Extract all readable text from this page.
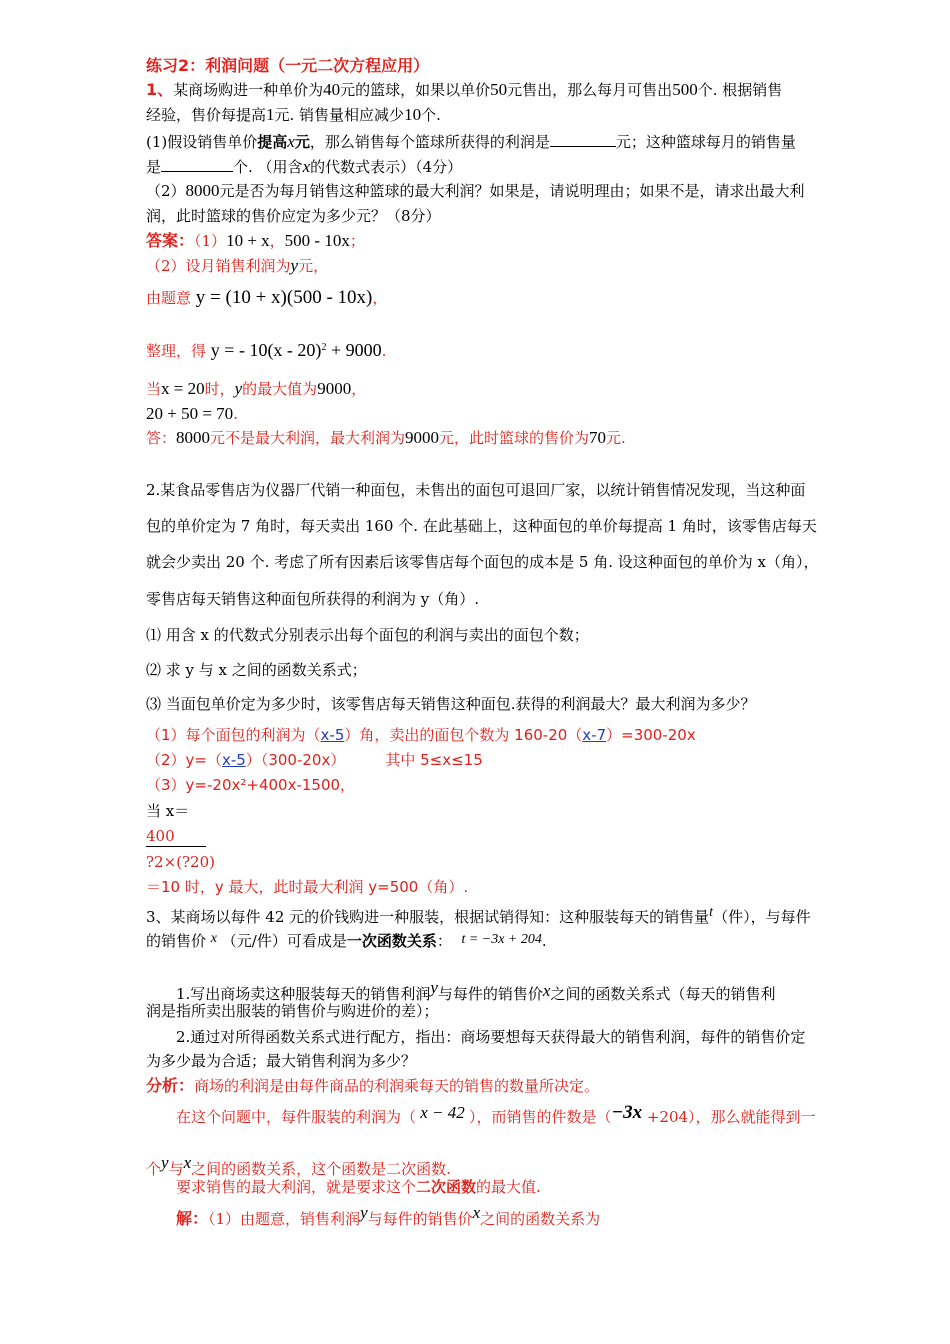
练习2：利润问题（一元二次方程应用）
1、某商场购进一种单价为40元的篮球，如果以单价50元售出，那么每月可售出500个. 根据销售
经验，售价每提高1元. 销售量相应减少10个.
(1)假设销售单价提高x元，那么销售每个篮球所获得的利润是	元；这种篮球每月的销售量
是	个. （用含x的代数式表示）（4分）
（2）8000元是否为每月销售这种篮球的最大利润？如果是，请说明理由；如果不是，请求出最大利
润，此时篮球的售价应定为多少元？（8分）
答案：（1）10 + x，500 - 10x；
（2）设月销售利润为y元，
由题意 y = (10 + x)(500 - 10x)，
整理，得 y = - 10(x - 20)$^2$ + 9000.
当x = 20时，y的最大值为9000，
20 + 50 = 70.
答：8000元不是最大利润，最大利润为9000元，此时篮球的售价为70元.
2.某食品零售店为仪器厂代销一种面包，未售出的面包可退回厂家，以统计销售情况发现，当这种面
包的单价定为 7 角时，每天卖出 160 个. 在此基础上，这种面包的单价每提高 1 角时，该零售店每天
就会少卖出 20 个. 考虑了所有因素后该零售店每个面包的成本是 5 角. 设这种面包的单价为 x（角），
零售店每天销售这种面包所获得的利润为 y（角）.
⑴ 用含 x 的代数式分别表示出每个面包的利润与卖出的面包个数；
⑵ 求 y 与 x 之间的函数关系式；
⑶ 当面包单价定为多少时，该零售店每天销售这种面包.获得的利润最大？最大利润为多少？
（1）每个面包的利润为（x-5）角，卖出的面包个数为 160-20（x-7）=300-20x
（2）y=（x-5）（300-20x）	其中 5≤x≤15
（3）y=-20x²+400x-1500，
当 x＝
400
?2×(?20)
＝10 时，y 最大，此时最大利润 y=500（角）.
3、某商场以每件 42 元的价钱购进一种服装，根据试销得知：这种服装每天的销售量t（件），与每件
的销售价 x （元/件）可看成是一次函数关系： t = −3x + 204.
1.写出商场卖这种服装每天的销售利润y与每件的销售价x之间的函数关系式（每天的销售利
润是指所卖出服装的销售价与购进价的差）；
2.通过对所得函数关系式进行配方，指出：商场要想每天获得最大的销售利润，每件的销售价定
为多少最为合适；最大销售利润为多少？
分析：商场的利润是由每件商品的利润乘每天的销售的数量所决定。
在这个问题中，每件服装的利润为（ x − 42 ），而销售的件数是（−3x +204），那么就能得到一
个y与x之间的函数关系，这个函数是二次函数.
要求销售的最大利润，就是要求这个二次函数的最大值.
解：（1）由题意，销售利润y与每件的销售价x之间的函数关系为
